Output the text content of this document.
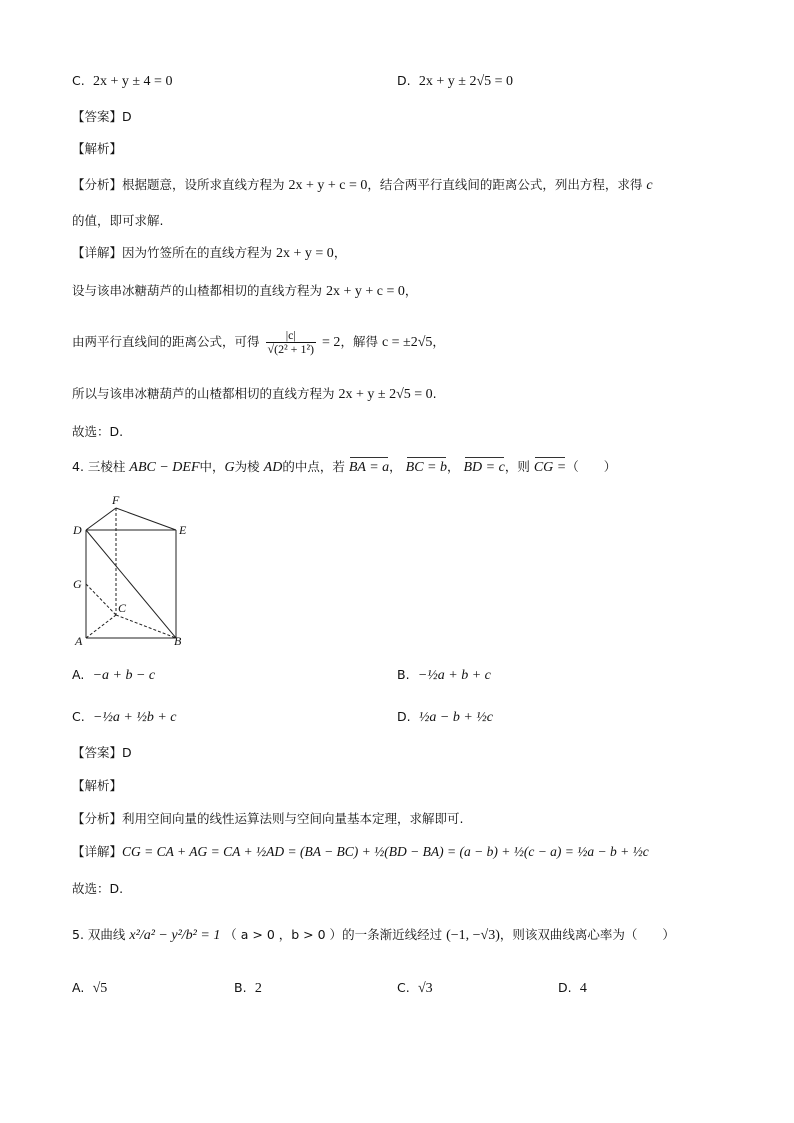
C. 2x + y ± 4 = 0	D. 2x + y ± 2√5 = 0
【答案】D
【解析】
【分析】根据题意，设所求直线方程为 2x + y + c = 0，结合两平行直线间的距离公式，列出方程，求得 c
的值，即可求解.
【详解】因为竹签所在的直线方程为 2x + y = 0，
设与该串冰糖葫芦的山楂都相切的直线方程为 2x + y + c = 0，
由两平行直线间的距离公式，可得 $\frac{|c|}{\text{√(2² + 1²)}} = 2$，解得 c = ±2√5，
所以与该串冰糖葫芦的山楂都相切的直线方程为 2x + y ± 2√5 = 0.
故选：D.
4. 三棱柱 ABC − DEF中，G为棱 AD的中点，若 BA = a， BC = b， BD = c，则 CG =（　　）
F
D	E
G
C
A	B
A. −a + b − c	B. −½a + b + c
C. −½a + ½b + c	D. ½a − b + ½c
【答案】D
【解析】
【分析】利用空间向量的线性运算法则与空间向量基本定理，求解即可.
【详解】CG = CA + AG = CA + ½AD = (BA − BC) + ½(BD − BA) = (a − b) + ½(c − a) = ½a − b + ½c
故选：D.
5. 双曲线 x²/a² − y²/b² = 1 （ a > 0 ，b > 0 ）的一条渐近线经过 (−1, −√3)，则该双曲线离心率为（　　）
A. √5	B. 2	C. √3	D. 4
